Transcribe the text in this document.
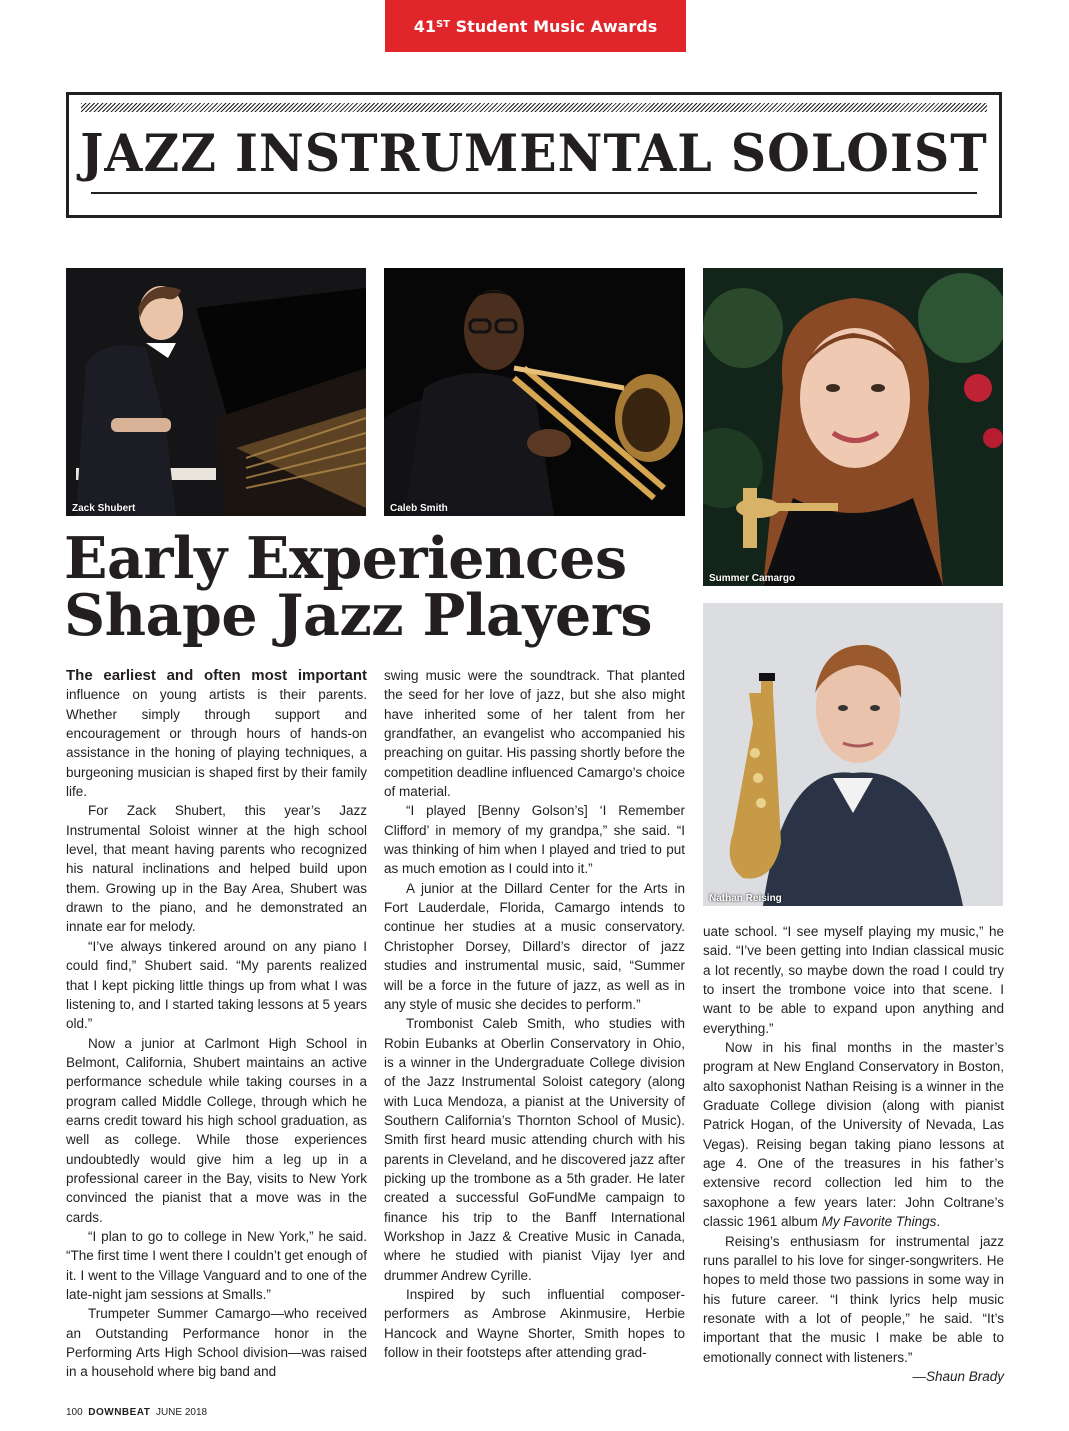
41ST
Student Music Awards
JAZZ INSTRUMENTAL SOLOIST
Zack Shubert	Caleb Smith
Summer Camargo
Nathan Reising
Early Experiences
Shape Jazz Players

The earliest and often most important influence on young artists is their parents. Whether simply through support and encouragement or through hours of hands-on assistance in the honing of playing techniques, a burgeoning musician is shaped first by their family life.

For Zack Shubert, this year’s Jazz Instrumental Soloist winner at the high school level, that meant having parents who recognized his natural inclinations and helped build upon them. Growing up in the Bay Area, Shubert was drawn to the piano, and he demonstrated an innate ear for melody.

“I’ve always tinkered around on any piano I could find,” Shubert said. “My parents realized that I kept picking little things up from what I was listening to, and I started taking lessons at 5 years old.”

Now a junior at Carlmont High School in Belmont, California, Shubert maintains an active performance schedule while taking courses in a program called Middle College, through which he earns credit toward his high school graduation, as well as college. While those experiences undoubtedly would give him a leg up in a professional career in the Bay, visits to New York convinced the pianist that a move was in the cards.

“I plan to go to college in New York,” he said. “The first time I went there I couldn’t get enough of it. I went to the Village Vanguard and to one of the late-night jam sessions at Smalls.”

Trumpeter Summer Camargo—who received an Outstanding Performance honor in the Performing Arts High School division—was raised in a household where big band and

swing music were the soundtrack. That planted the seed for her love of jazz, but she also might have inherited some of her talent from her grandfather, an evangelist who accompanied his preaching on guitar. His passing shortly before the competition deadline influenced Camargo’s choice of material.

“I played [Benny Golson’s] ‘I Remember Clifford’ in memory of my grandpa,” she said. “I was thinking of him when I played and tried to put as much emotion as I could into it.”

A junior at the Dillard Center for the Arts in Fort Lauderdale, Florida, Camargo intends to continue her studies at a music conservatory. Christopher Dorsey, Dillard’s director of jazz studies and instrumental music, said, “Summer will be a force in the future of jazz, as well as in any style of music she decides to perform.”

Trombonist Caleb Smith, who studies with Robin Eubanks at Oberlin Conservatory in Ohio, is a winner in the Undergraduate College division of the Jazz Instrumental Soloist category (along with Luca Mendoza, a pianist at the University of Southern California’s Thornton School of Music). Smith first heard music attending church with his parents in Cleveland, and he discovered jazz after picking up the trombone as a 5th grader. He later created a successful GoFundMe campaign to finance his trip to the Banff International Workshop in Jazz & Creative Music in Canada, where he studied with pianist Vijay Iyer and drummer Andrew Cyrille.

Inspired by such influential composer-performers as Ambrose Akinmusire, Herbie Hancock and Wayne Shorter, Smith hopes to follow in their footsteps after attending grad-

uate school. “I see myself playing my music,” he said. “I’ve been getting into Indian classical music a lot recently, so maybe down the road I could try to insert the trombone voice into that scene. I want to be able to expand upon anything and everything.”

Now in his final months in the master’s program at New England Conservatory in Boston, alto saxophonist Nathan Reising is a winner in the Graduate College division (along with pianist Patrick Hogan, of the University of Nevada, Las Vegas). Reising began taking piano lessons at age 4. One of the treasures in his father’s extensive record collection led him to the saxophone a few years later: John Coltrane’s classic 1961 album My Favorite Things.

Reising’s enthusiasm for instrumental jazz runs parallel to his love for singer-songwriters. He hopes to meld those two passions in some way in his future career. “I think lyrics help music resonate with a lot of people,” he said. “It’s important that the music I make be able to emotionally connect with listeners.”

—Shaun Brady
100 DOWNBEAT JUNE 2018
